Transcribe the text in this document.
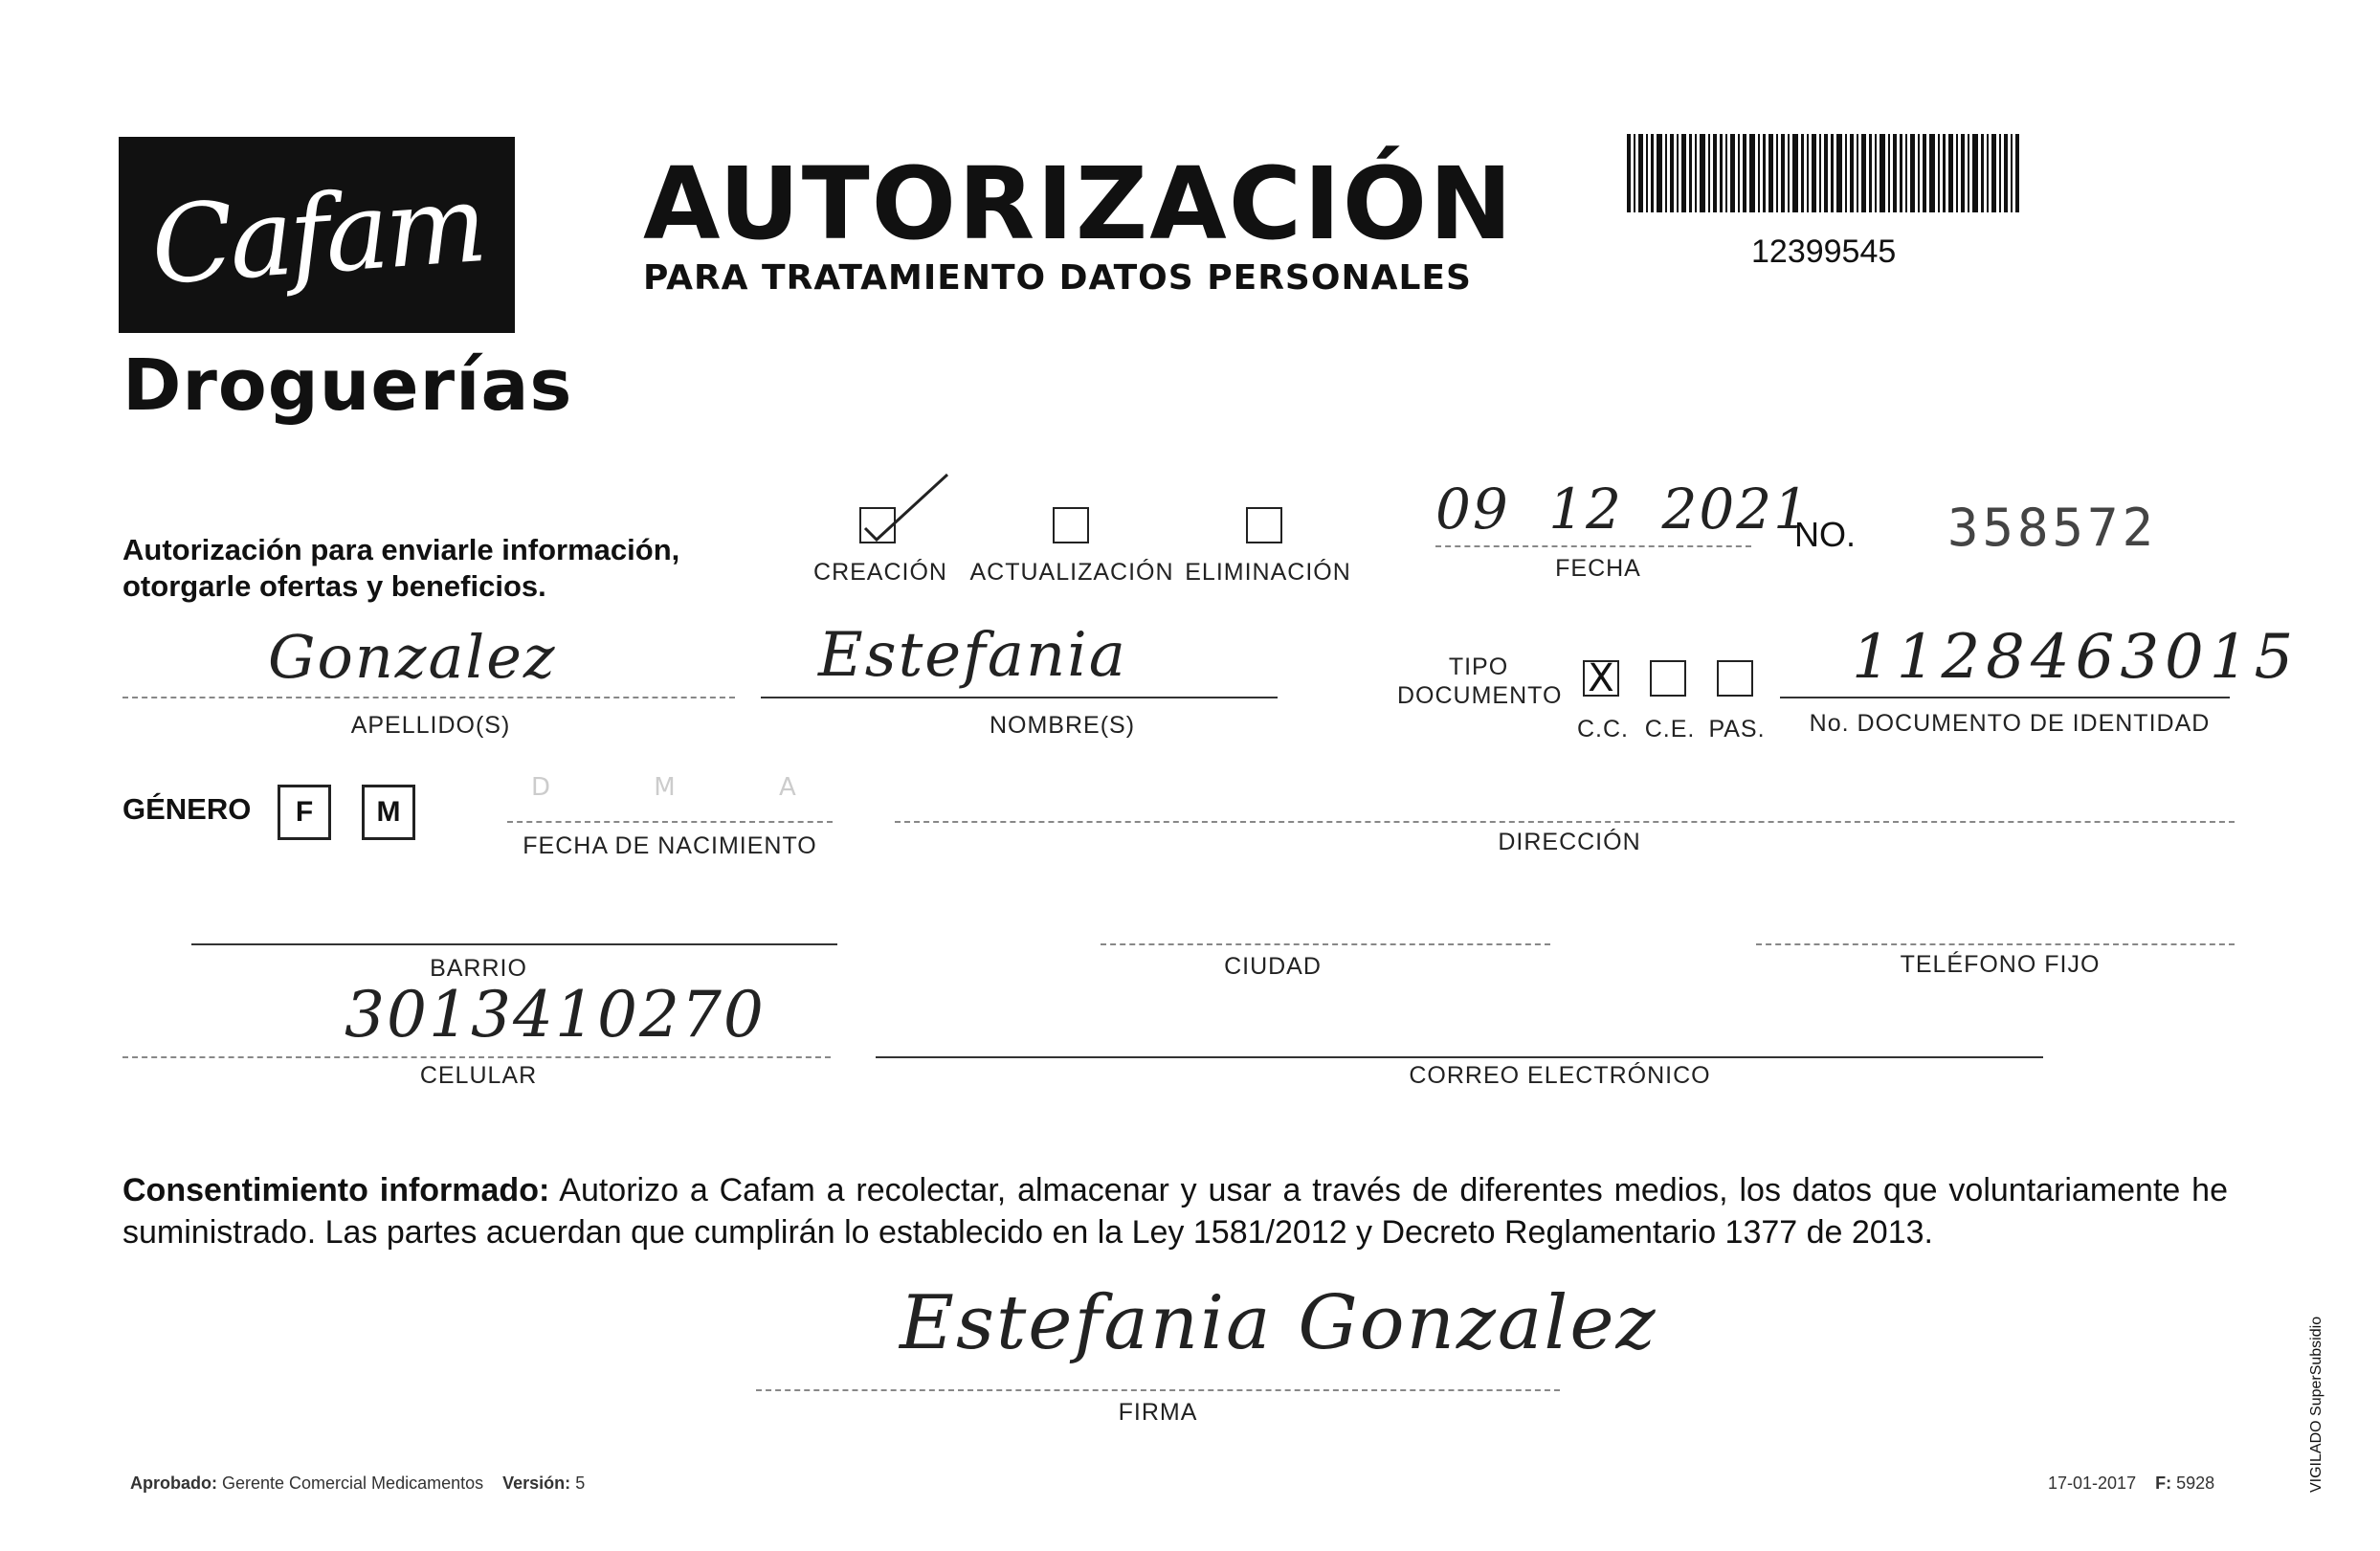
Cafam
Droguerías
AUTORIZACIÓN
PARA TRATAMIENTO DATOS PERSONALES
12399545
Autorización para enviarle información,
otorgarle ofertas y beneficios.	CREACIÓN ACTUALIZACIÓN ELIMINACIÓN
09 12 2021
FECHA
NO. 358572
Gonzalez
APELLIDO(S)
Estefania
NOMBRE(S)
TIPO
DOCUMENTO X
C.C. C.E. PAS.
1128463015
No. DOCUMENTO DE IDENTIDAD
GÉNERO F M
D M A
FECHA DE NACIMIENTO	DIRECCIÓN
BARRIO	CIUDAD	TELÉFONO FIJO
3013410270
CELULAR	CORREO ELECTRÓNICO
Consentimiento informado: Autorizo a Cafam a recolectar, almacenar y usar a través de diferentes medios, los datos que voluntariamente he suministrado. Las partes acuerdan que cumplirán lo establecido en la Ley 1581/2012 y Decreto Reglamentario 1377 de 2013.
Estefania Gonzalez
FIRMA
Aprobado: Gerente Comercial Medicamentos Versión: 5	17-01-2017 F: 5928	VIGILADO SuperSubsidio
